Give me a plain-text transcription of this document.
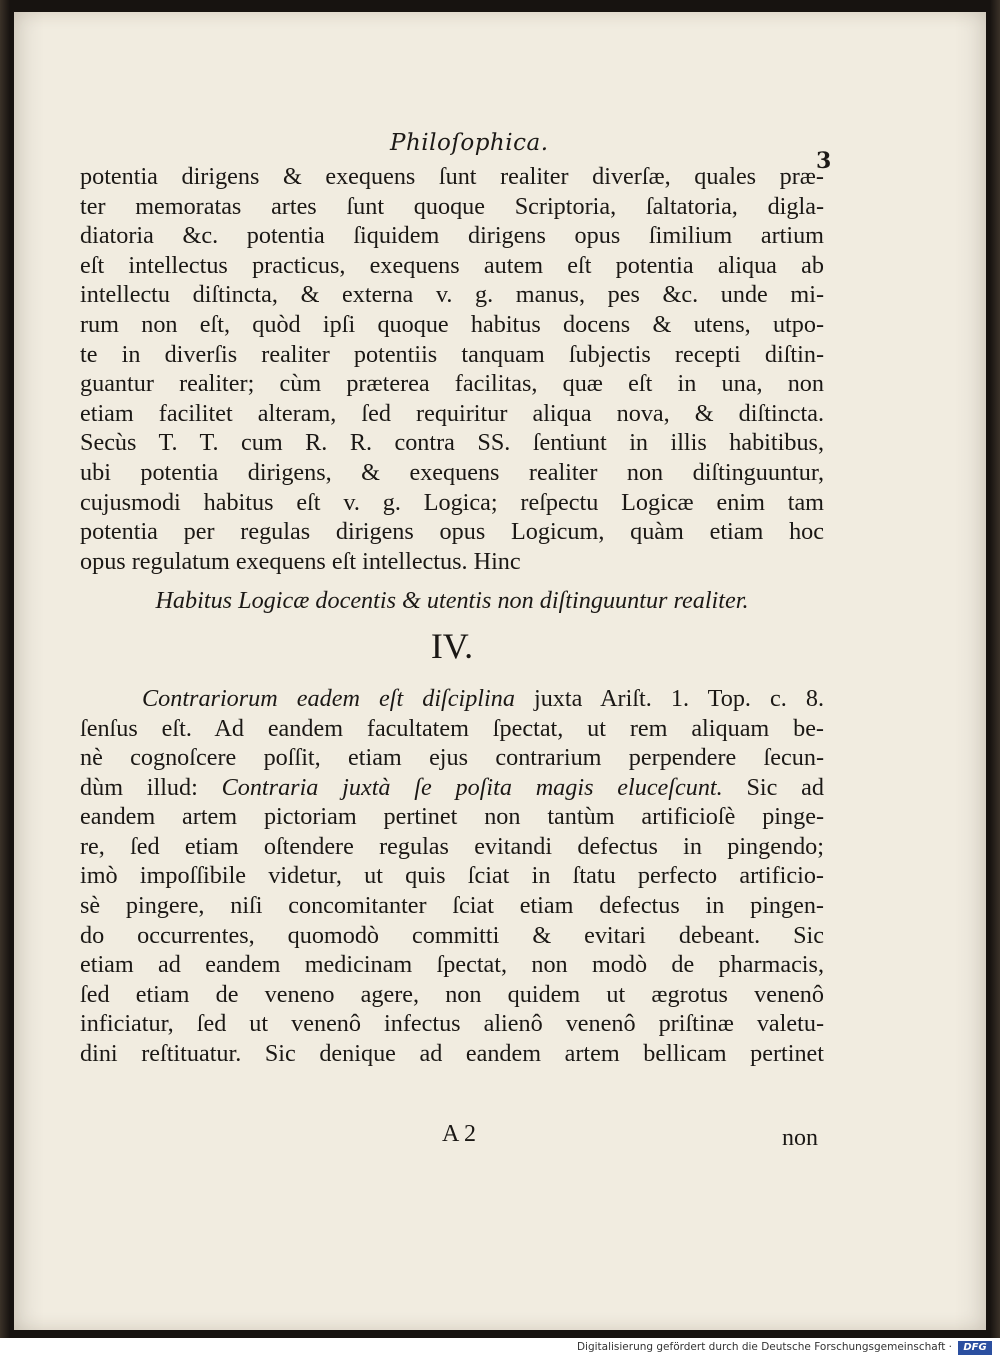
Philoſophica.
3
potentia dirigens & exequens ſunt realiter diverſæ, quales præ-
ter memoratas artes ſunt quoque Scriptoria, ſaltatoria, digla-
diatoria &c. potentia ſiquidem dirigens opus ſimilium artium
eſt intellectus practicus, exequens autem eſt potentia aliqua ab
intellectu diſtincta, & externa v. g. manus, pes &c. unde mi-
rum non eſt, quòd ipſi quoque habitus docens & utens, utpo-
te in diverſis realiter potentiis tanquam ſubjectis recepti diſtin-
guantur realiter; cùm præterea facilitas, quæ eſt in una, non
etiam facilitet alteram, ſed requiritur aliqua nova, & diſtincta.
Secùs T. T. cum R. R. contra SS. ſentiunt in illis habitibus,
ubi potentia dirigens, & exequens realiter non diſtinguuntur,
cujusmodi habitus eſt v. g. Logica; reſpectu Logicæ enim tam
potentia per regulas dirigens opus Logicum, quàm etiam hoc
opus regulatum exequens eſt intellectus. Hinc
Habitus Logicæ docentis & utentis non diſtinguuntur realiter.
IV.
Contrariorum eadem eſt diſciplina juxta Ariſt. 1. Top. c. 8.
ſenſus eſt. Ad eandem facultatem ſpectat, ut rem aliquam be-
nè cognoſcere poſſit, etiam ejus contrarium perpendere ſecun-
dùm illud: Contraria juxtà ſe poſita magis eluceſcunt. Sic ad
eandem artem pictoriam pertinet non tantùm artificioſè pinge-
re, ſed etiam oſtendere regulas evitandi defectus in pingendo;
imò impoſſibile videtur, ut quis ſciat in ſtatu perfecto artificio-
sè pingere, niſi concomitanter ſciat etiam defectus in pingen-
do occurrentes, quomodò committi & evitari debeant. Sic
etiam ad eandem medicinam ſpectat, non modò de pharmacis,
ſed etiam de veneno agere, non quidem ut ægrotus venenô
inficiatur, ſed ut venenô infectus alienô venenô priſtinæ valetu-
dini reſtituatur. Sic denique ad eandem artem bellicam pertinet
A 2	non
Digitalisierung gefördert durch die Deutsche Forschungsgemeinschaft ·	DFG
